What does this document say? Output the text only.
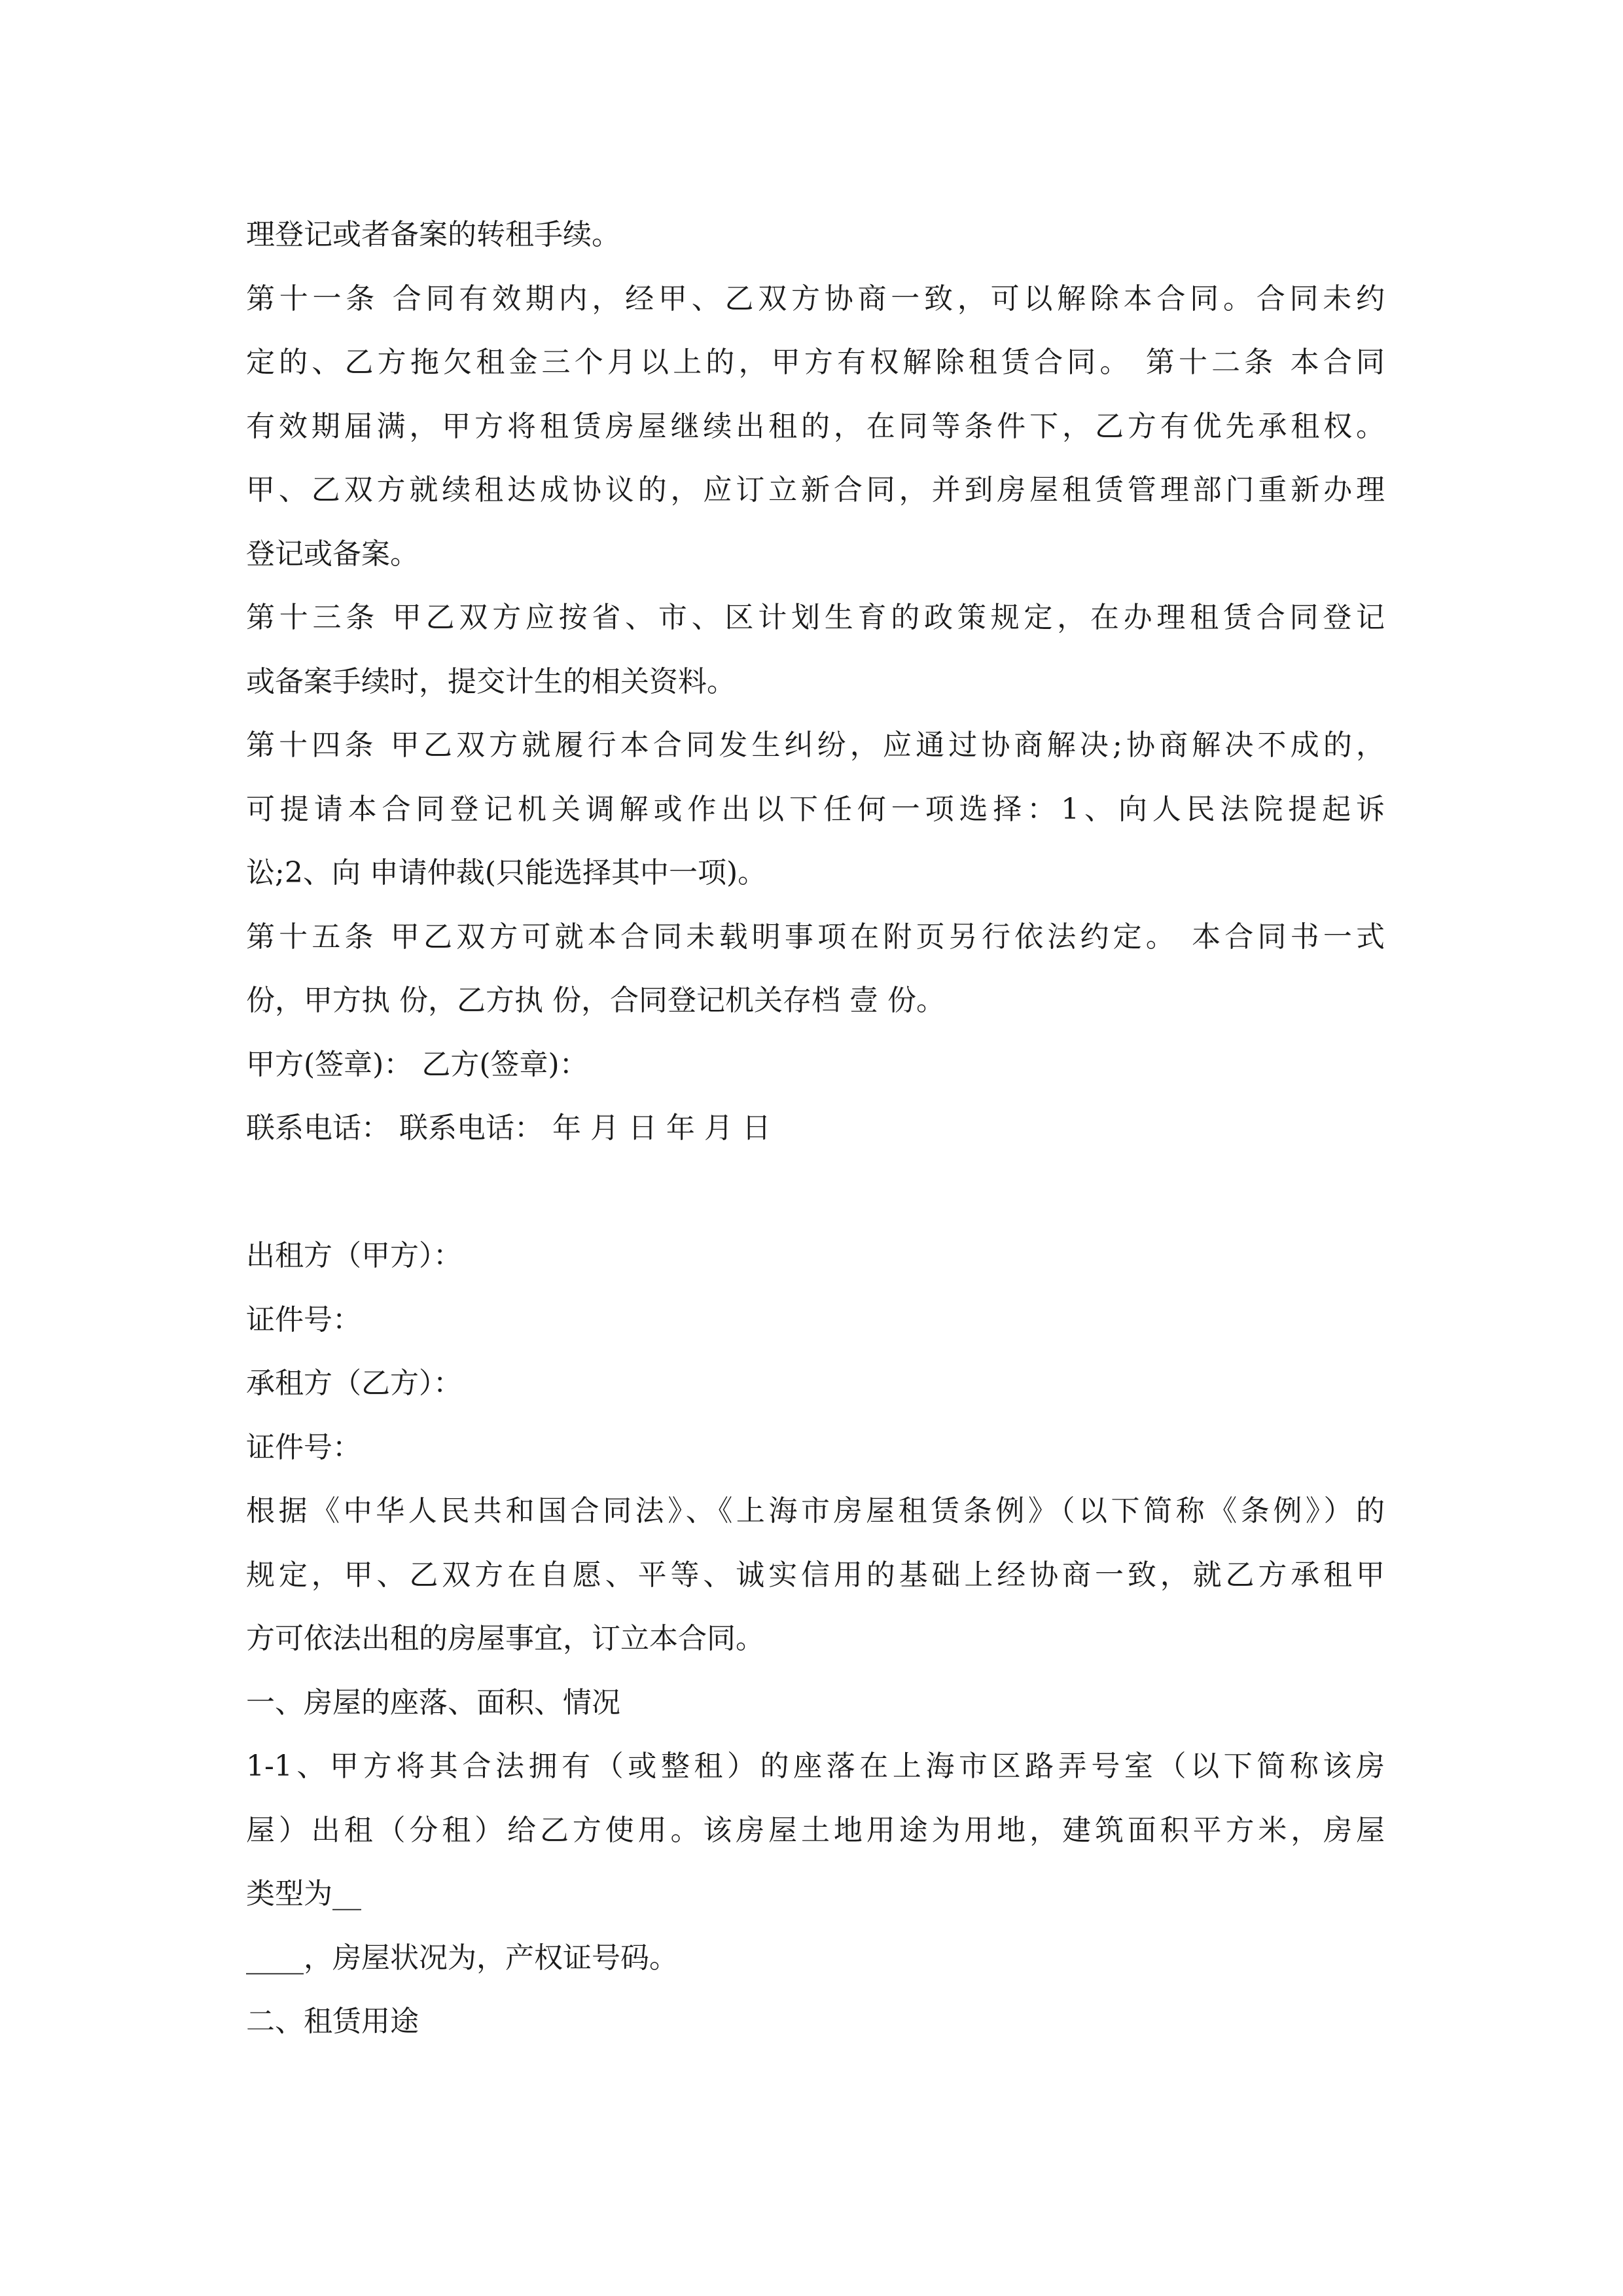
理登记或者备案的转租手续。

第十一条 合同有效期内，经甲、乙双方协商一致，可以解除本合同。合同未约

定的、乙方拖欠租金三个月以上的，甲方有权解除租赁合同。 第十二条 本合同

有效期届满，甲方将租赁房屋继续出租的，在同等条件下，乙方有优先承租权。

甲、乙双方就续租达成协议的，应订立新合同，并到房屋租赁管理部门重新办理

登记或备案。

第十三条 甲乙双方应按省、市、区计划生育的政策规定，在办理租赁合同登记

或备案手续时，提交计生的相关资料。

第十四条 甲乙双方就履行本合同发生纠纷，应通过协商解决;协商解决不成的，

可提请本合同登记机关调解或作出以下任何一项选择：1、向人民法院提起诉

讼;2、向 申请仲裁(只能选择其中一项)。

第十五条 甲乙双方可就本合同未载明事项在附页另行依法约定。 本合同书一式

份，甲方执 份，乙方执 份，合同登记机关存档 壹 份。

甲方(签章)： 乙方(签章)：

联系电话： 联系电话： 年 月 日 年 月 日

出租方（甲方）：

证件号：

承租方（乙方）：

证件号：

根据《中华人民共和国合同法》、《上海市房屋租赁条例》（以下简称《条例》）的

规定，甲、乙双方在自愿、平等、诚实信用的基础上经协商一致，就乙方承租甲

方可依法出租的房屋事宜，订立本合同。

一、房屋的座落、面积、情况

1-1、甲方将其合法拥有（或整租）的座落在上海市区路弄号室（以下简称该房

屋）出租（分租）给乙方使用。该房屋土地用途为用地，建筑面积平方米，房屋

类型为__

____，房屋状况为，产权证号码。

二、租赁用途
